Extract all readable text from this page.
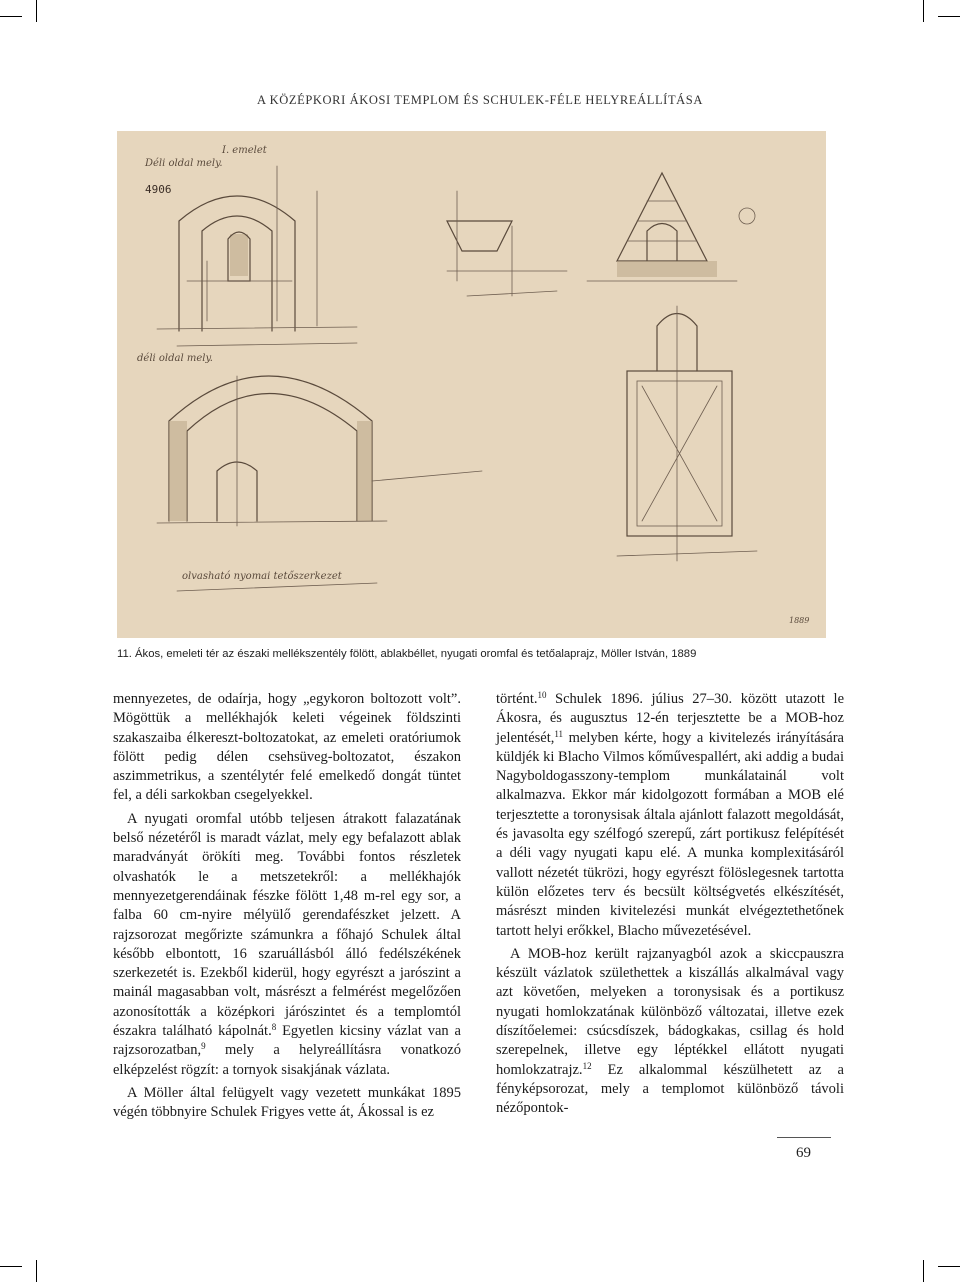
A KÖZÉPKORI ÁKOSI TEMPLOM ÉS SCHULEK-FÉLE HELYREÁLLÍTÁSA
Déli oldal mely.
I. emelet
4906
déli oldal mely.
olvasható nyomai tetőszerkezet
1889
11. Ákos, emeleti tér az északi mellékszentély fölött, ablakbéllet, nyugati oromfal és tetőalaprajz, Möller István, 1889

mennyezetes, de odaírja, hogy „egykoron boltozott volt”. Mögöttük a mellékhajók keleti végeinek földszinti szakaszaiba élkereszt-boltozatokat, az emeleti oratóriumok fölött pedig délen csehsüveg-boltozatot, északon aszimmetrikus, a szentélytér felé emelkedő dongát tüntet fel, a déli sarkokban csegelyekkel.

A nyugati oromfal utóbb teljesen átrakott falazatának belső nézetéről is maradt vázlat, mely egy befalazott ablak maradványát örökíti meg. További fontos részletek olvashatók le a metszetekről: a mellékhajók mennyezetgerendáinak fészke fölött 1,48 m-rel egy sor, a falba 60 cm-nyire mélyülő gerendafészket jelzett. A rajzsorozat megőrizte számunkra a főhajó Schulek által később elbontott, 16 szaruállásból álló fedélszékének szerkezetét is. Ezekből kiderül, hogy egyrészt a jarószint a mainál magasabban volt, másrészt a felmérést megelőzően azonosították a középkori járószintet és a templomtól északra található kápolnát.$^8$ Egyetlen kicsiny vázlat van a rajzsorozatban,$^9$ mely a helyreállításra vonatkozó elképzelést rögzít: a tornyok sisakjának vázlata.

A Möller által felügyelt vagy vezetett munkákat 1895 végén többnyire Schulek Frigyes vette át, Ákossal is ez

történt.$^{10}$ Schulek 1896. július 27–30. között utazott le Ákosra, és augusztus 12-én terjesztette be a MOB-hoz jelentését,$^{11}$ melyben kérte, hogy a kivitelezés irányítására küldjék ki Blacho Vilmos kőművespallért, aki addig a budai Nagyboldogasszony-templom munkálatainál volt alkalmazva. Ekkor már kidolgozott formában a MOB elé terjesztette a toronysisak általa ajánlott falazott megoldását, és javasolta egy szélfogó szerepű, zárt portikusz felépítését a déli vagy nyugati kapu elé. A munka komplexitásáról vallott nézetét tükrözi, hogy egyrészt fölöslegesnek tartotta külön előzetes terv és becsült költségvetés elkészítését, másrészt minden kivitelezési munkát elvégeztethetőnek tartott helyi erőkkel, Blacho művezetésével.

A MOB-hoz került rajzanyagból azok a skiccpauszra készült vázlatok születhettek a kiszállás alkalmával vagy azt követően, melyeken a toronysisak és a portikusz nyugati homlokzatának különböző változatai, illetve ezek díszítőelemei: csúcsdíszek, bádogkakas, csillag és hold szerepelnek, illetve egy léptékkel ellátott nyugati homlokzatrajz.$^{12}$ Ez alkalommal készülhetett az a fényképsorozat, mely a templomot különböző távoli nézőpontok-

69
